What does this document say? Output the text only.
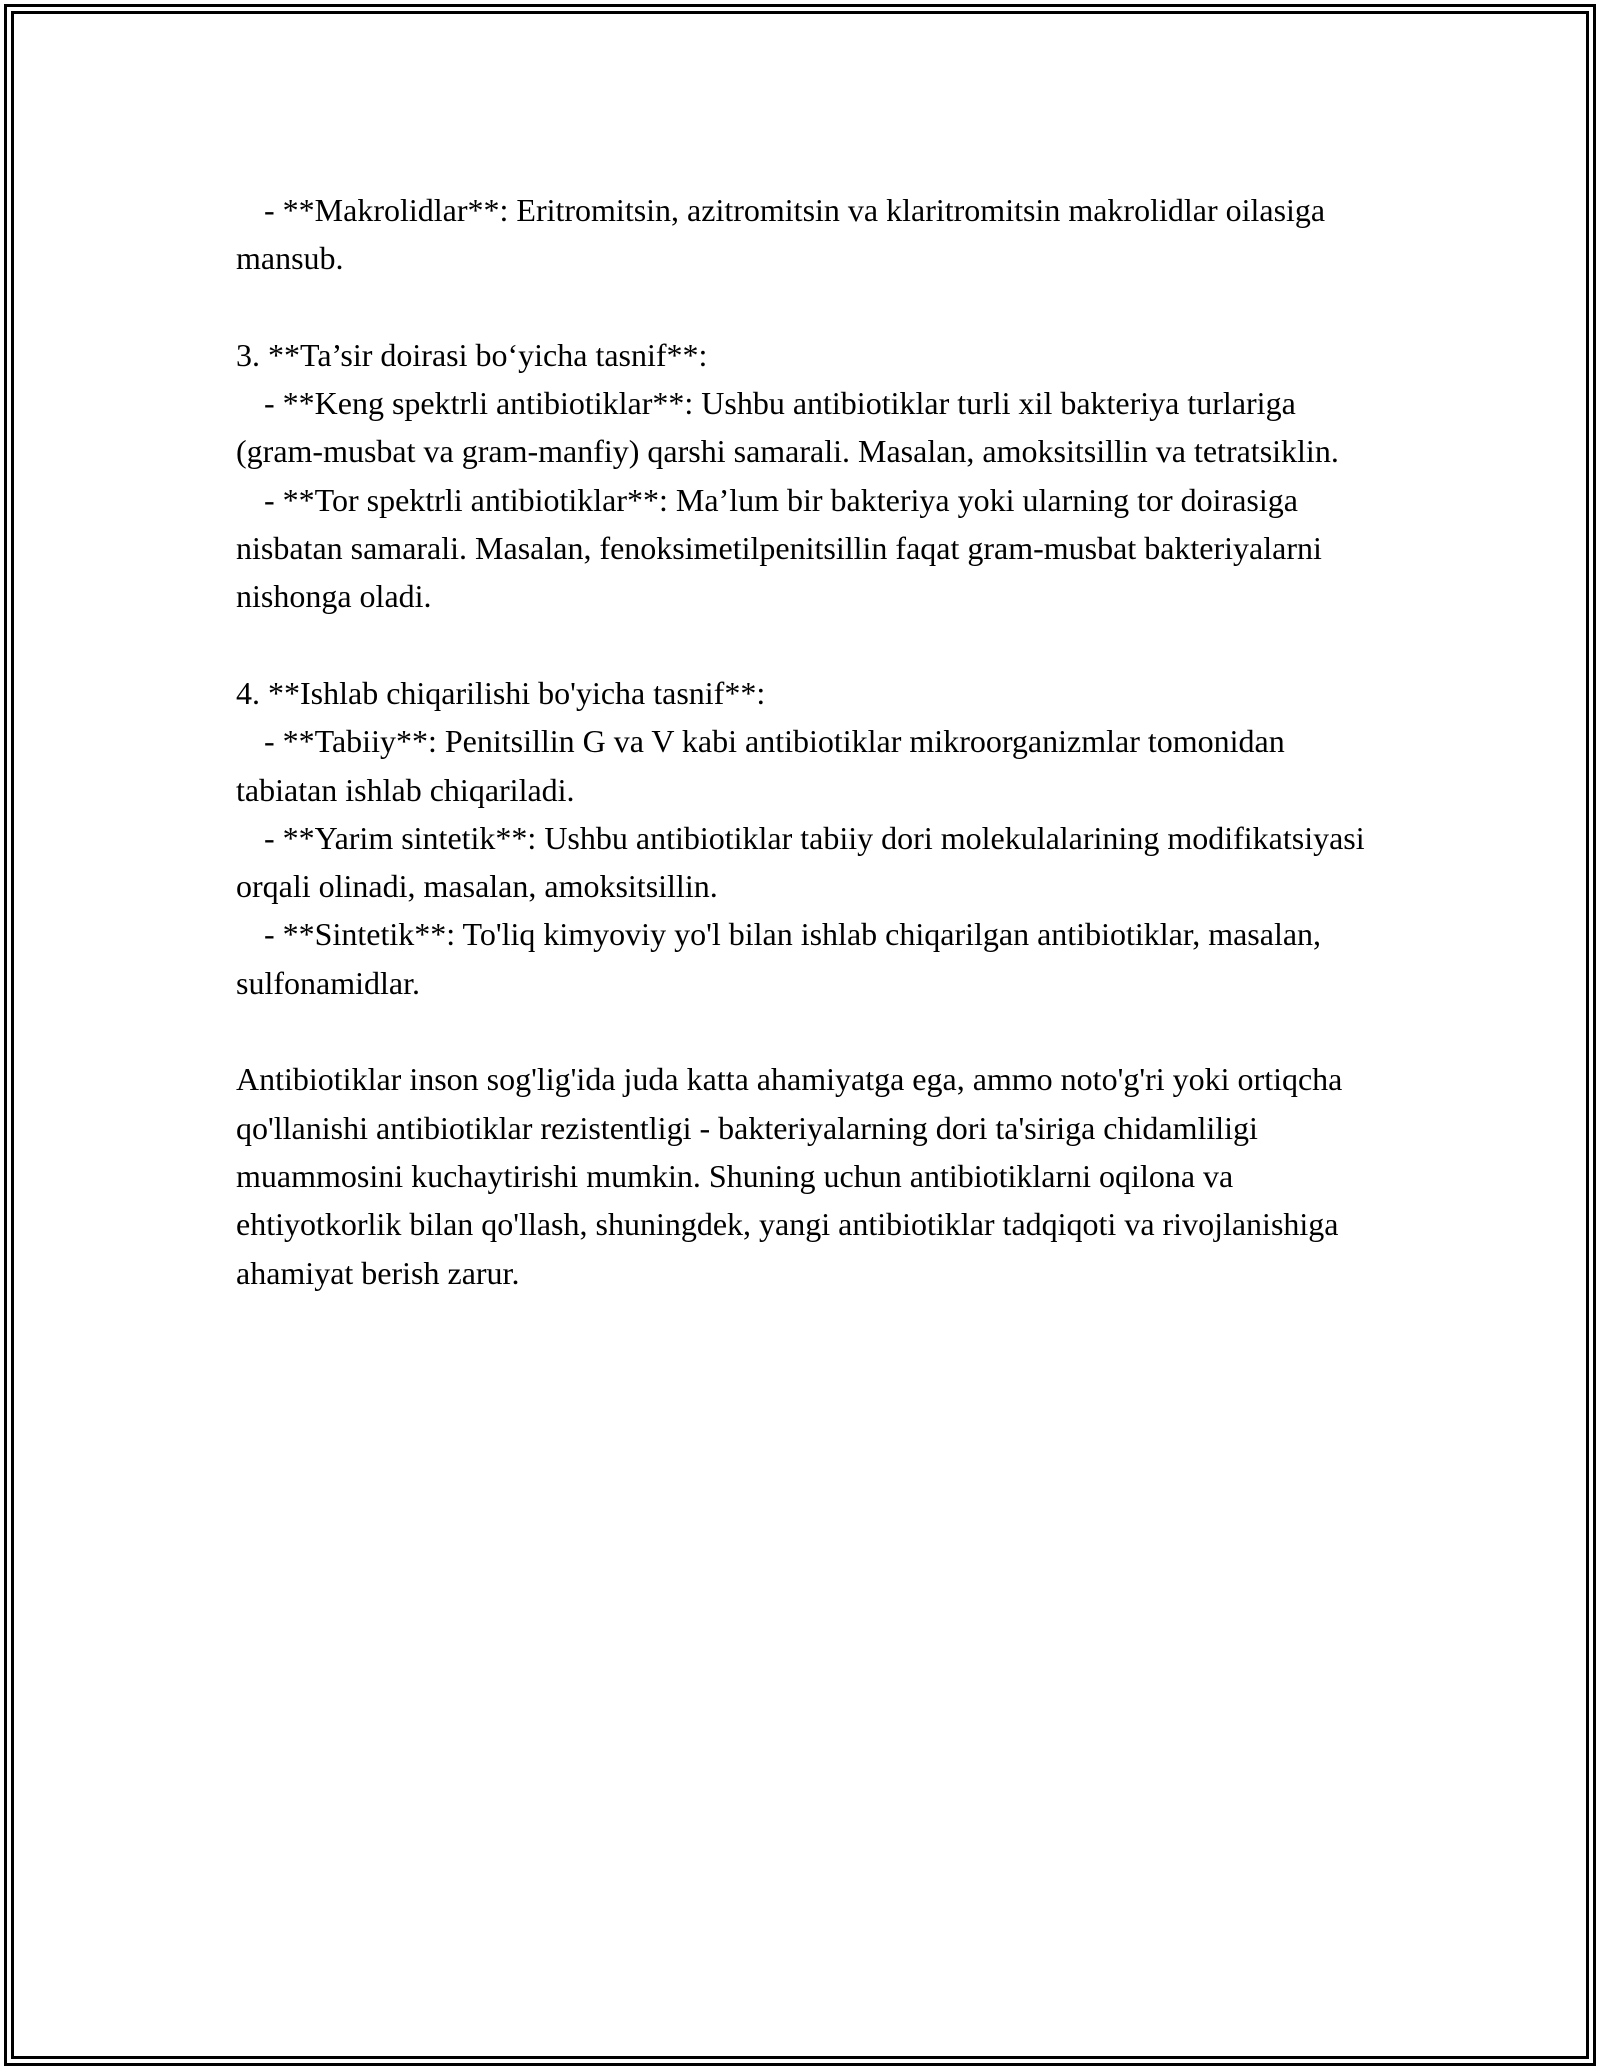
- **Makrolidlar**: Eritromitsin, azitromitsin va klaritromitsin makrolidlar oilasiga mansub.

3. **Ta’sir doirasi bo‘yicha tasnif**:

- **Keng spektrli antibiotiklar**: Ushbu antibiotiklar turli xil bakteriya turlariga (gram-musbat va gram-manfiy) qarshi samarali. Masalan, amoksitsillin va tetratsiklin.

- **Tor spektrli antibiotiklar**: Ma’lum bir bakteriya yoki ularning tor doirasiga nisbatan samarali. Masalan, fenoksimetilpenitsillin faqat gram-musbat bakteriyalarni nishonga oladi.

4. **Ishlab chiqarilishi bo'yicha tasnif**:

- **Tabiiy**: Penitsillin G va V kabi antibiotiklar mikroorganizmlar tomonidan tabiatan ishlab chiqariladi.

- **Yarim sintetik**: Ushbu antibiotiklar tabiiy dori molekulalarining modifikatsiyasi orqali olinadi, masalan, amoksitsillin.

- **Sintetik**: To'liq kimyoviy yo'l bilan ishlab chiqarilgan antibiotiklar, masalan, sulfonamidlar.

Antibiotiklar inson sog'lig'ida juda katta ahamiyatga ega, ammo noto'g'ri yoki ortiqcha qo'llanishi antibiotiklar rezistentligi - bakteriyalarning dori ta'siriga chidamliligi muammosini kuchaytirishi mumkin. Shuning uchun antibiotiklarni oqilona va ehtiyotkorlik bilan qo'llash, shuningdek, yangi antibiotiklar tadqiqoti va rivojlanishiga ahamiyat berish zarur.
